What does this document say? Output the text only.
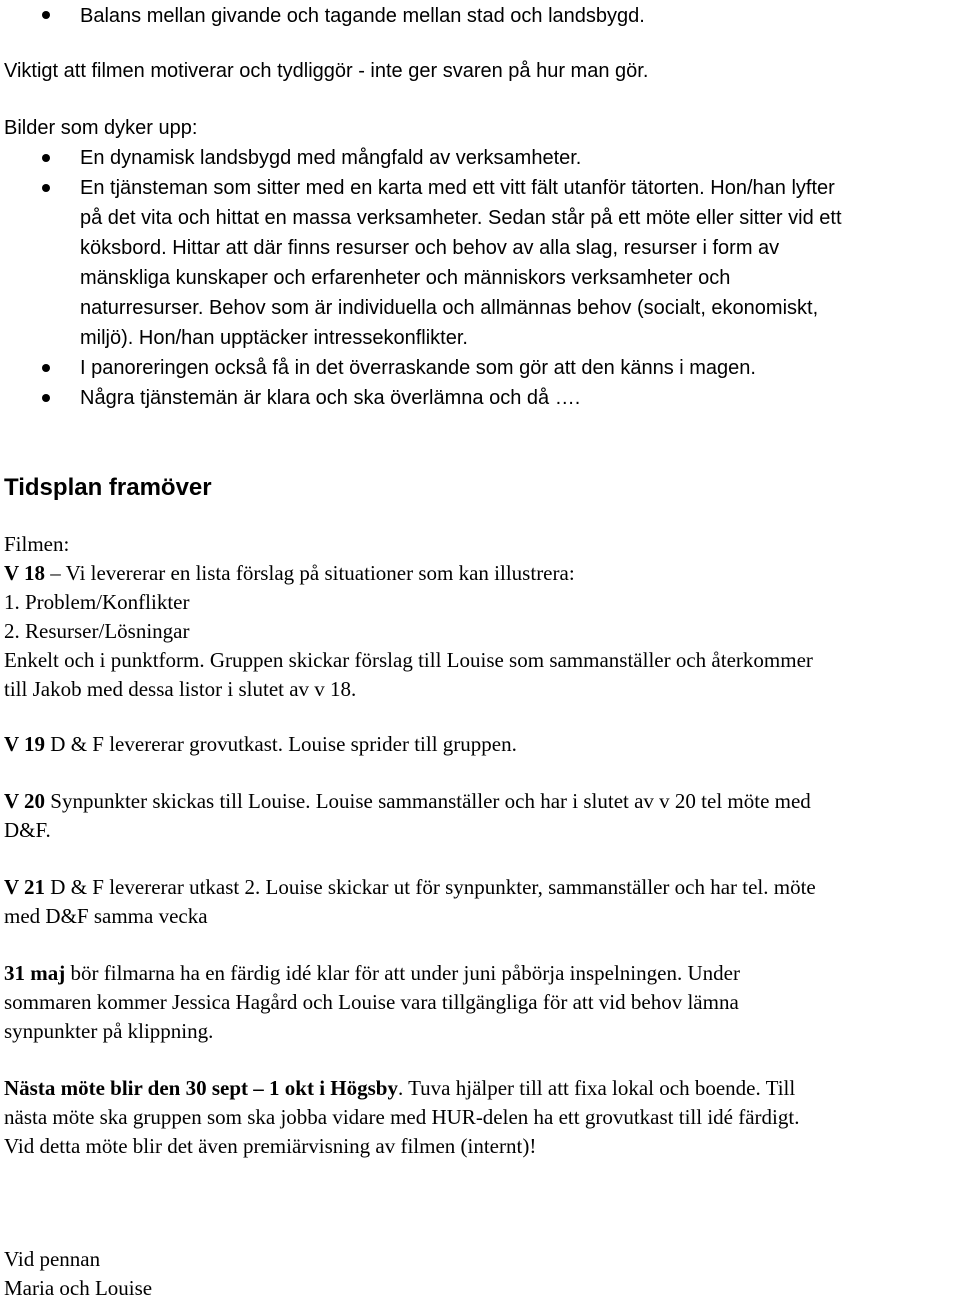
Balans mellan givande och tagande mellan stad och landsbygd.

Viktigt att filmen motiverar och tydliggör - inte ger svaren på hur man gör.

Bilder som dyker upp:

En dynamisk landsbygd med mångfald av verksamheter.
En tjänsteman som sitter med en karta med ett vitt fält utanför tätorten. Hon/han lyfter
på det vita och hittat en massa verksamheter. Sedan står på ett möte eller sitter vid ett
köksbord. Hittar att där finns resurser och behov av alla slag, resurser i form av
mänskliga kunskaper och erfarenheter och människors verksamheter och
naturresurser. Behov som är individuella och allmännas behov (socialt, ekonomiskt,
miljö). Hon/han upptäcker intressekonflikter.
I panoreringen också få in det överraskande som gör att den känns i magen.
Några tjänstemän är klara och ska överlämna och då ….
Tidsplan framöver

Filmen:

V 18 – Vi levererar en lista förslag på situationer som kan illustrera:

1. Problem/Konflikter

2. Resurser/Lösningar

Enkelt och i punktform. Gruppen skickar förslag till Louise som sammanställer och återkommer

till Jakob med dessa listor i slutet av v 18.

V 19 D & F levererar grovutkast. Louise sprider till gruppen.

V 20 Synpunkter skickas till Louise. Louise sammanställer och har i slutet av v 20 tel möte med

D&F.

V 21 D & F levererar utkast 2. Louise skickar ut för synpunkter, sammanställer och har tel. möte

med D&F samma vecka

31 maj bör filmarna ha en färdig idé klar för att under juni påbörja inspelningen. Under

sommaren kommer Jessica Hagård och Louise vara tillgängliga för att vid behov lämna

synpunkter på klippning.

Nästa möte blir den 30 sept – 1 okt i Högsby. Tuva hjälper till att fixa lokal och boende. Till

nästa möte ska gruppen som ska jobba vidare med HUR-delen ha ett grovutkast till idé färdigt.

Vid detta möte blir det även premiärvisning av filmen (internt)!

Vid pennan

Maria och Louise
